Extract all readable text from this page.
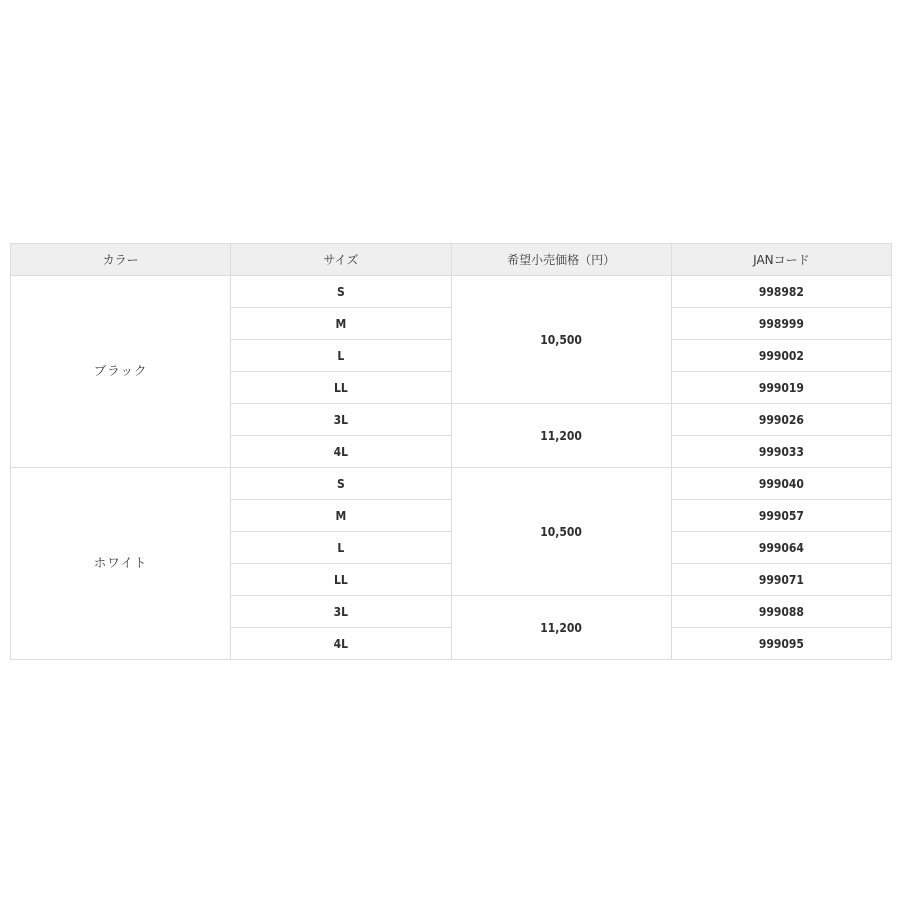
カラー	サイズ	希望小売価格（円）	JANコード
ブラック	S	10,500	998982
	M		998999
	L		999002
	LL		999019
	3L	11,200	999026
	4L		999033
ホワイト	S	10,500	999040
	M		999057
	L		999064
	LL		999071
	3L	11,200	999088
	4L		999095
